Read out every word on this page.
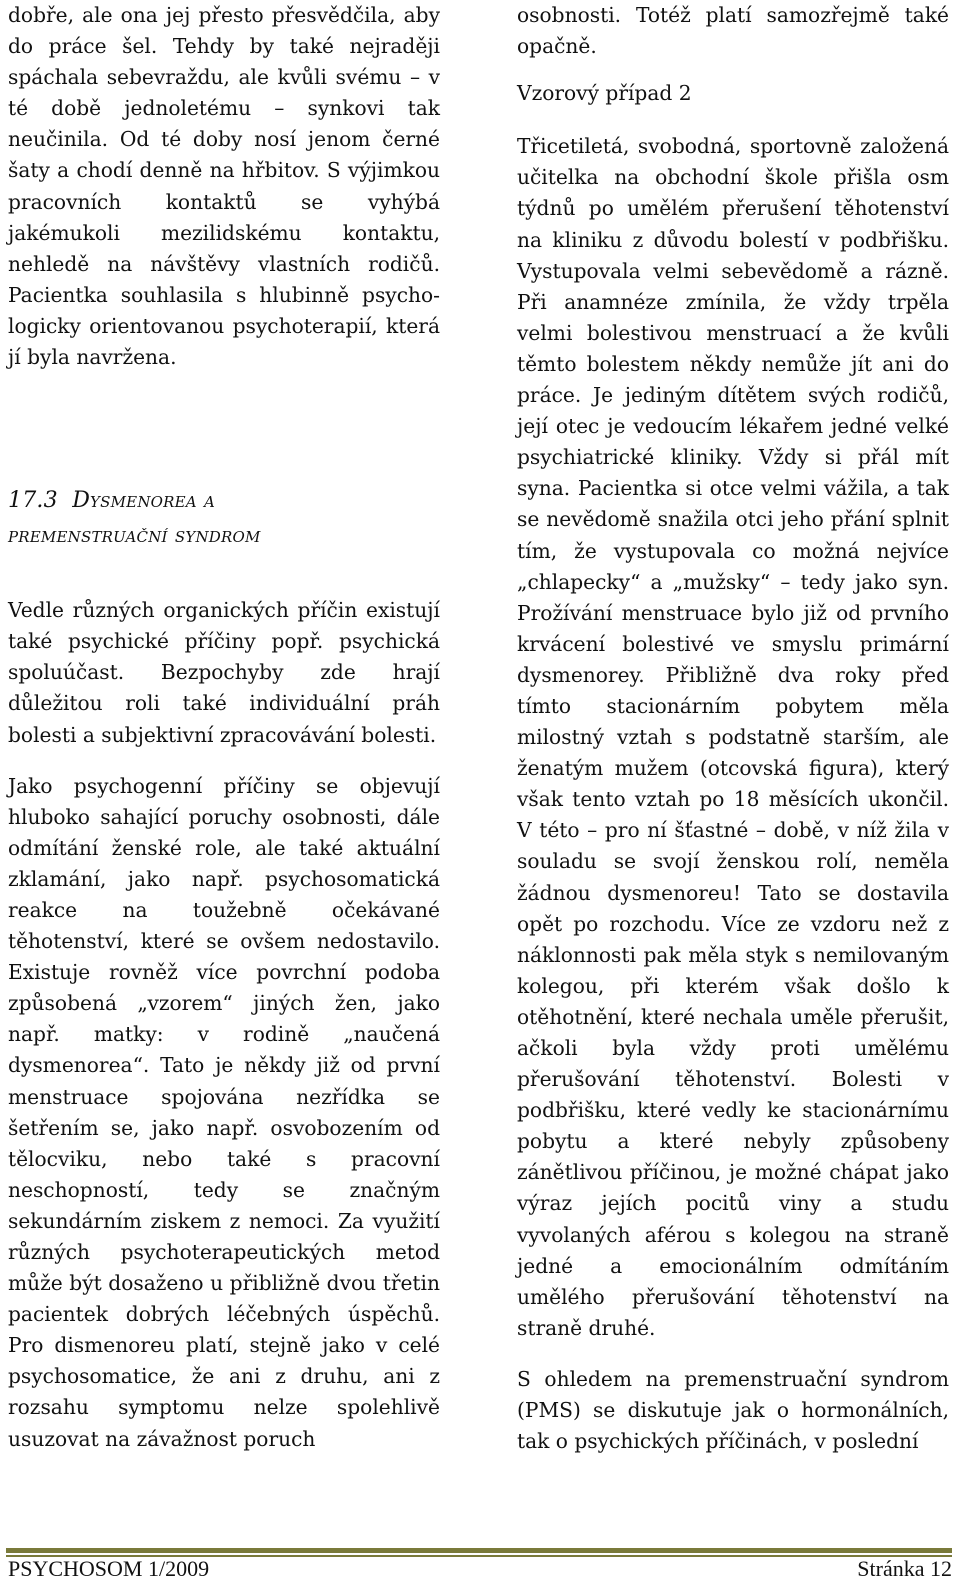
dobře, ale ona jej přesto přesvědčila, aby do práce šel. Tehdy by také nejraději spáchala sebevraždu, ale kvůli svému – v té době jednoletému – synkovi tak neučinila. Od té doby nosí jenom černé šaty a chodí denně na hřbitov. S výjimkou pracovních kontaktů se vyhýbá jakémukoli mezilidskému kontaktu, nehledě na návštěvy vlastních rodičů. Pacientka souhlasila s hlubinně psycho-logicky orientovanou psychoterapií, která jí byla navržena.

17.3 Dysmenorea a
premenstruační syndrom

Vedle různých organických příčin existují také psychické příčiny popř. psychická spoluúčast. Bezpochyby zde hrají důležitou roli také individuální práh bolesti a subjektivní zpracovávání bolesti.

Jako psychogenní příčiny se objevují hluboko sahající poruchy osobnosti, dále odmítání ženské role, ale také aktuální zklamání, jako např. psychosomatická reakce na toužebně očekávané těhotenství, které se ovšem nedostavilo. Existuje rovněž více povrchní podoba způsobená „vzorem“ jiných žen, jako např. matky: v rodině „naučená dysmenorea“. Tato je někdy již od první menstruace spojována nezřídka se šetřením se, jako např. osvobozením od tělocviku, nebo také s pracovní neschopností, tedy se značným sekundárním ziskem z nemoci. Za využití různých psychoterapeutických metod může být dosaženo u přibližně dvou třetin pacientek dobrých léčebných úspěchů. Pro dismenoreu platí, stejně jako v celé psychosomatice, že ani z druhu, ani z rozsahu symptomu nelze spolehlivě usuzovat na závažnost poruch

osobnosti. Totéž platí samozřejmě také opačně.

Vzorový případ 2

Třicetiletá, svobodná, sportovně založená učitelka na obchodní škole přišla osm týdnů po umělém přerušení těhotenství na kliniku z důvodu bolestí v podbřišku. Vystupovala velmi sebevědomě a rázně. Při anamnéze zmínila, že vždy trpěla velmi bolestivou menstruací a že kvůli těmto bolestem někdy nemůže jít ani do práce. Je jediným dítětem svých rodičů, její otec je vedoucím lékařem jedné velké psychiatrické kliniky. Vždy si přál mít syna. Pacientka si otce velmi vážila, a tak se nevědomě snažila otci jeho přání splnit tím, že vystupovala co možná nejvíce „chlapecky“ a „mužsky“ – tedy jako syn. Prožívání menstruace bylo již od prvního krvácení bolestivé ve smyslu primární dysmenorey. Přibližně dva roky před tímto stacionárním pobytem měla milostný vztah s podstatně starším, ale ženatým mužem (otcovská figura), který však tento vztah po 18 měsících ukončil. V této – pro ní šťastné – době, v níž žila v souladu se svojí ženskou rolí, neměla žádnou dysmenoreu! Tato se dostavila opět po rozchodu. Více ze vzdoru než z náklonnosti pak měla styk s nemilovaným kolegou, při kterém však došlo k otěhotnění, které nechala uměle přerušit, ačkoli byla vždy proti umělému přerušování těhotenství. Bolesti v podbřišku, které vedly ke stacionárnímu pobytu a které nebyly způsobeny zánětlivou příčinou, je možné chápat jako výraz jejích pocitů viny a studu vyvolaných aférou s kolegou na straně jedné a emocionálním odmítáním umělého přerušování těhotenství na straně druhé.

S ohledem na premenstruační syndrom (PMS) se diskutuje jak o hormonálních, tak o psychických příčinách, v poslední

PSYCHOSOM 1/2009	Stránka 12
